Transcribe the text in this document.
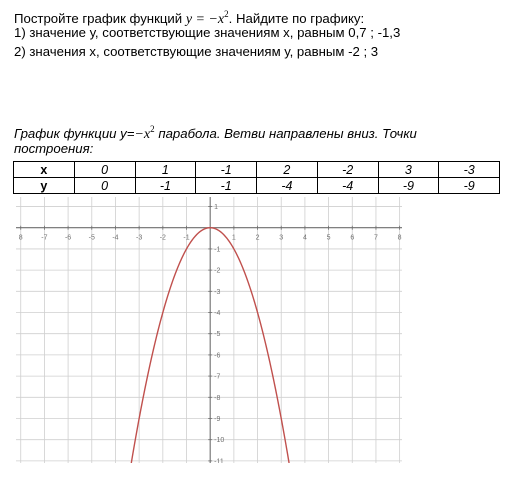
Постройте график функций $y = -x^2$. Найдите по графику:
1) значение у, соответствующие значениям х, равным 0,7 ; -1,3
2) значения х, соответствующие значениям у, равным -2 ; 3
График функции $y=-x^2$ парабола. Ветви направлены вниз. Точки
построения:
x	0	1	-1	2	-2	3	-3
y	0	-1	-1	-4	-4	-9	-9
8	-7 -6 -5 -4 -3 -2 -1	1	2	3	4	5	6	7	8
1
-1
-2
-3
-4
-5
-6
-7
-8
-9
-10
-11
